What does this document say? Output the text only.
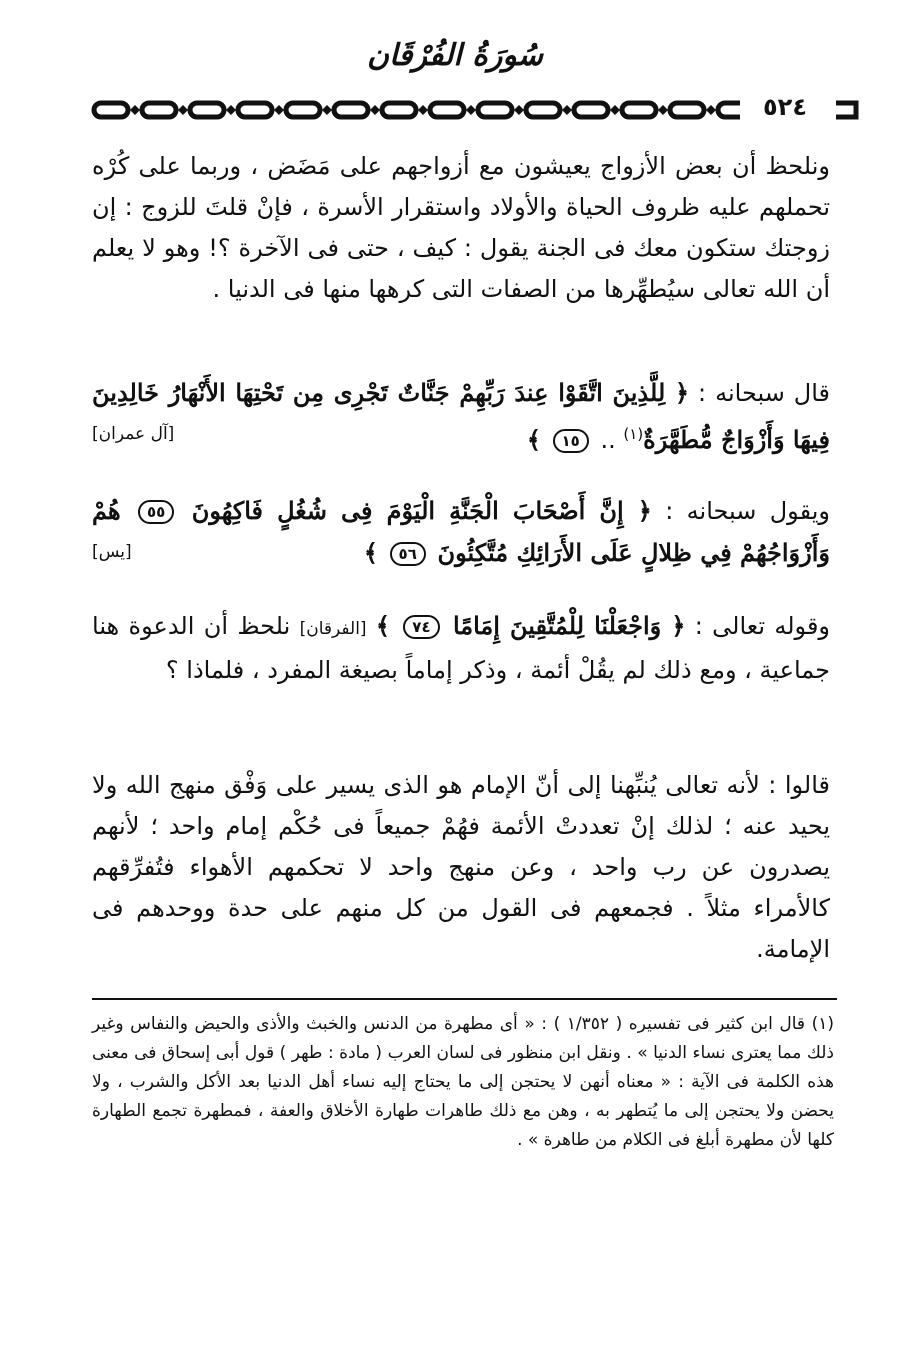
سُورَةُ الفُرْقَان
٥٢٤
ونلحظ أن بعض الأزواج يعيشون مع أزواجهم على مَضَض ، وربما على كُرْه تحملهم عليه ظروف الحياة والأولاد واستقرار الأسرة ، فإنْ قلتَ للزوج : إن زوجتك ستكون معك فى الجنة يقول : كيف ، حتى فى الآخرة ؟! وهو لا يعلم أن الله تعالى سيُطهِّرها من الصفات التى كرهها منها فى الدنيا .
قال سبحانه : ﴿ لِلَّذِينَ اتَّقَوْا عِندَ رَبِّهِمْ جَنَّاتٌ تَجْرِى مِن تَحْتِهَا الأَنْهَارُ خَالِدِينَ فِيهَا وَأَزْوَاجٌ مُّطَهَّرَةٌ$^{(١)}$ .. ١٥ ﴾
[آل عمران]
ويقول سبحانه : ﴿ إِنَّ أَصْحَابَ الْجَنَّةِ الْيَوْمَ فِى شُغُلٍ فَاكِهُونَ ٥٥ هُمْ وَأَزْوَاجُهُمْ فِي ظِلالٍ عَلَى الأَرَائِكِ مُتَّكِئُونَ ٥٦ ﴾
[يس]
وقوله تعالى : ﴿ وَاجْعَلْنَا لِلْمُتَّقِينَ إِمَامًا ٧٤ ﴾ [الفرقان] نلحظ أن الدعوة هنا جماعية ، ومع ذلك لم يقُلْ أئمة ، وذكر إماماً بصيغة المفرد ، فلماذا ؟
قالوا : لأنه تعالى يُنبِّهنا إلى أنّ الإمام هو الذى يسير على وَفْق منهج الله ولا يحيد عنه ؛ لذلك إنْ تعددتْ الأئمة فهُمْ جميعاً فى حُكْم إمام واحد ؛ لأنهم يصدرون عن رب واحد ، وعن منهج واحد لا تحكمهم الأهواء فتُفرِّقهم كالأمراء مثلاً . فجمعهم فى القول من كل منهم على حدة ووحدهم فى الإمامة.
(١) قال ابن كثير فى تفسيره ( ١/٣٥٢ ) : « أى مطهرة من الدنس والخبث والأذى والحيض والنفاس وغير ذلك مما يعترى نساء الدنيا » . ونقل ابن منظور فى لسان العرب ( مادة : طهر ) قول أبى إسحاق فى معنى هذه الكلمة فى الآية : « معناه أنهن لا يحتجن إلى ما يحتاج إليه نساء أهل الدنيا بعد الأكل والشرب ، ولا يحضن ولا يحتجن إلى ما يُتطهر به ، وهن مع ذلك طاهرات طهارة الأخلاق والعفة ، فمطهرة تجمع الطهارة كلها لأن مطهرة أبلغ فى الكلام من طاهرة » .
